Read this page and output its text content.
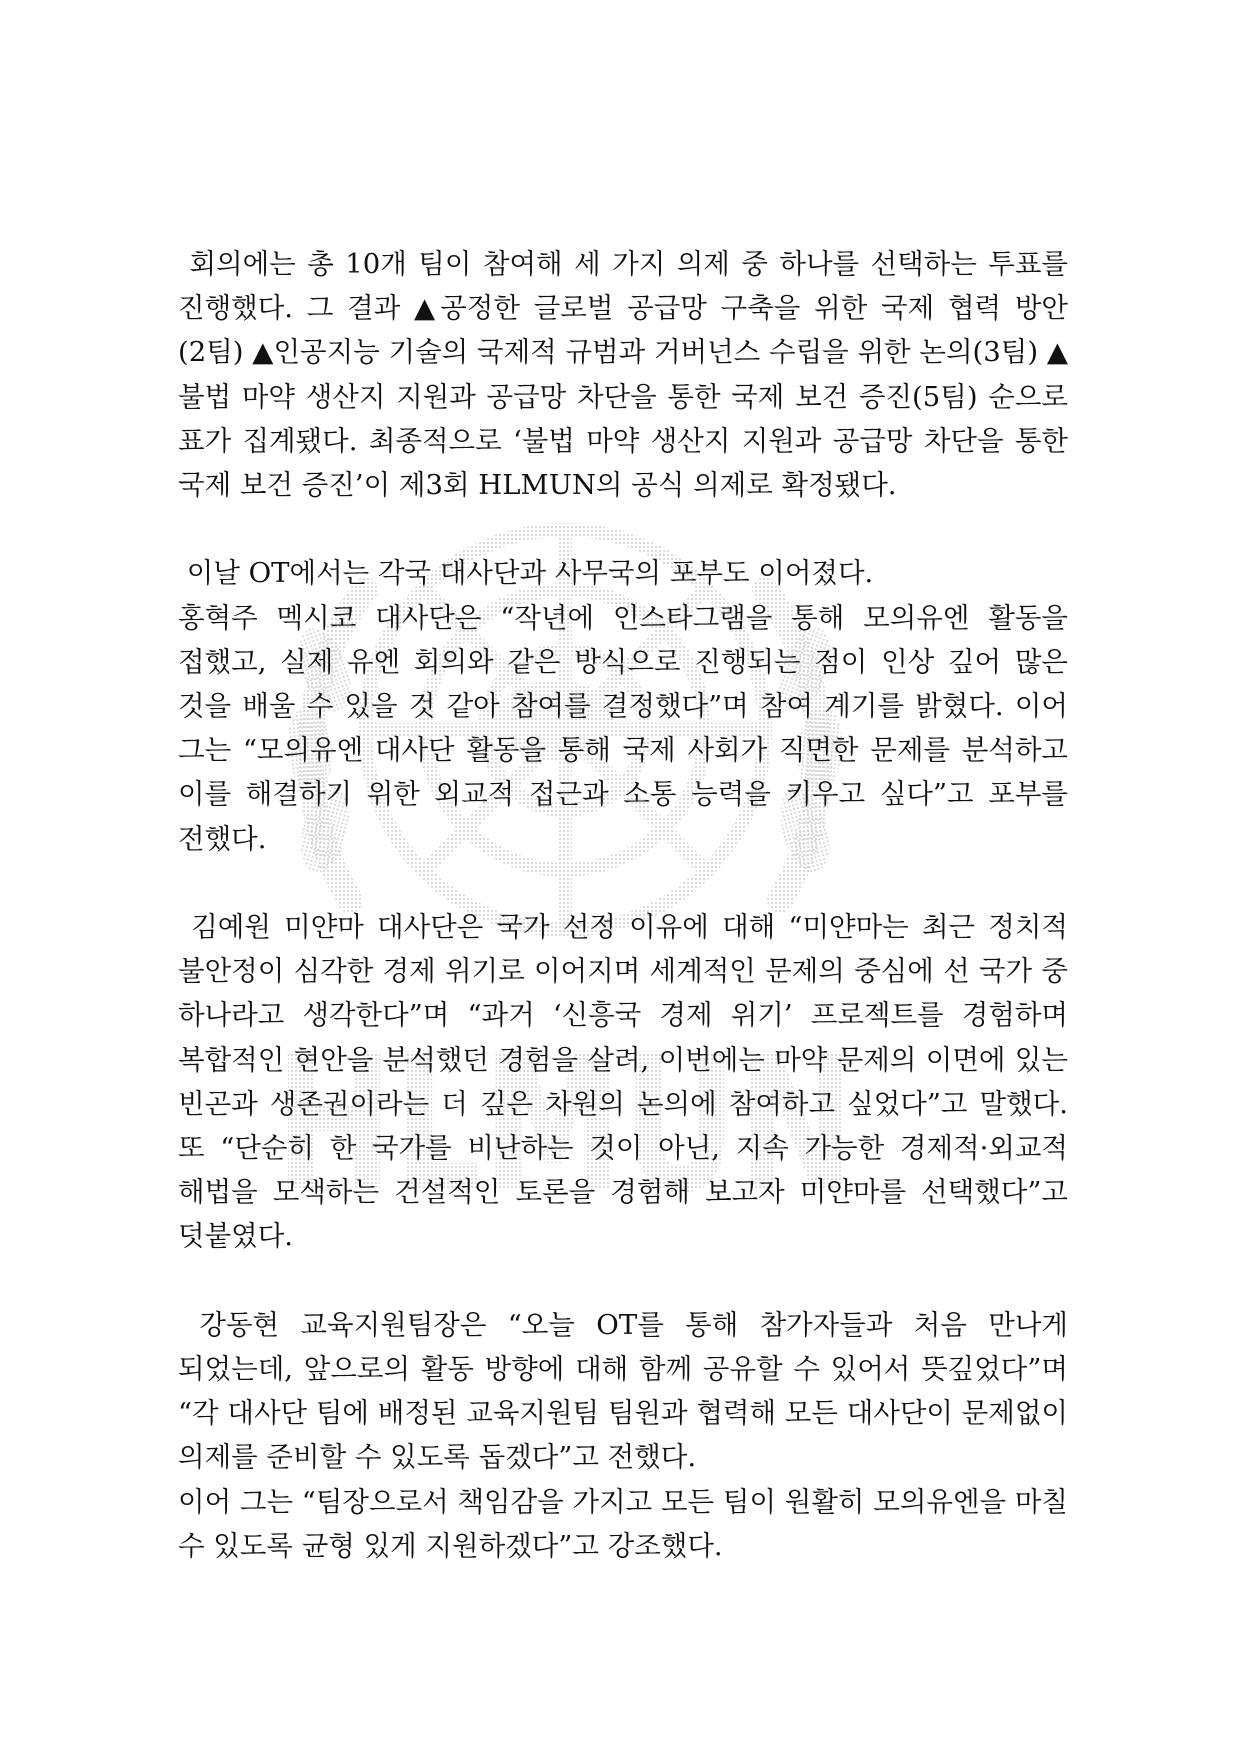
HLMUN

회의에는 총 10개 팀이 참여해 세 가지 의제 중 하나를 선택하는 투표를 진행했다. 그 결과 ▲공정한 글로벌 공급망 구축을 위한 국제 협력 방안(2팀) ▲인공지능 기술의 국제적 규범과 거버넌스 수립을 위한 논의(3팀) ▲불법 마약 생산지 지원과 공급망 차단을 통한 국제 보건 증진(5팀) 순으로 표가 집계됐다. 최종적으로 ‘불법 마약 생산지 지원과 공급망 차단을 통한 국제 보건 증진’이 제3회 HLMUN의 공식 의제로 확정됐다.

이날 OT에서는 각국 대사단과 사무국의 포부도 이어졌다.

홍혁주 멕시코 대사단은 “작년에 인스타그램을 통해 모의유엔 활동을 접했고, 실제 유엔 회의와 같은 방식으로 진행되는 점이 인상 깊어 많은 것을 배울 수 있을 것 같아 참여를 결정했다”며 참여 계기를 밝혔다. 이어 그는 “모의유엔 대사단 활동을 통해 국제 사회가 직면한 문제를 분석하고 이를 해결하기 위한 외교적 접근과 소통 능력을 키우고 싶다”고 포부를 전했다.

김예원 미얀마 대사단은 국가 선정 이유에 대해 “미얀마는 최근 정치적 불안정이 심각한 경제 위기로 이어지며 세계적인 문제의 중심에 선 국가 중 하나라고 생각한다”며 “과거 ‘신흥국 경제 위기’ 프로젝트를 경험하며 복합적인 현안을 분석했던 경험을 살려, 이번에는 마약 문제의 이면에 있는 빈곤과 생존권이라는 더 깊은 차원의 논의에 참여하고 싶었다”고 말했다. 또 “단순히 한 국가를 비난하는 것이 아닌, 지속 가능한 경제적·외교적 해법을 모색하는 건설적인 토론을 경험해 보고자 미얀마를 선택했다”고 덧붙였다.

강동현 교육지원팀장은 “오늘 OT를 통해 참가자들과 처음 만나게 되었는데, 앞으로의 활동 방향에 대해 함께 공유할 수 있어서 뜻깊었다”며 “각 대사단 팀에 배정된 교육지원팀 팀원과 협력해 모든 대사단이 문제없이 의제를 준비할 수 있도록 돕겠다”고 전했다.

이어 그는 “팀장으로서 책임감을 가지고 모든 팀이 원활히 모의유엔을 마칠 수 있도록 균형 있게 지원하겠다”고 강조했다.
